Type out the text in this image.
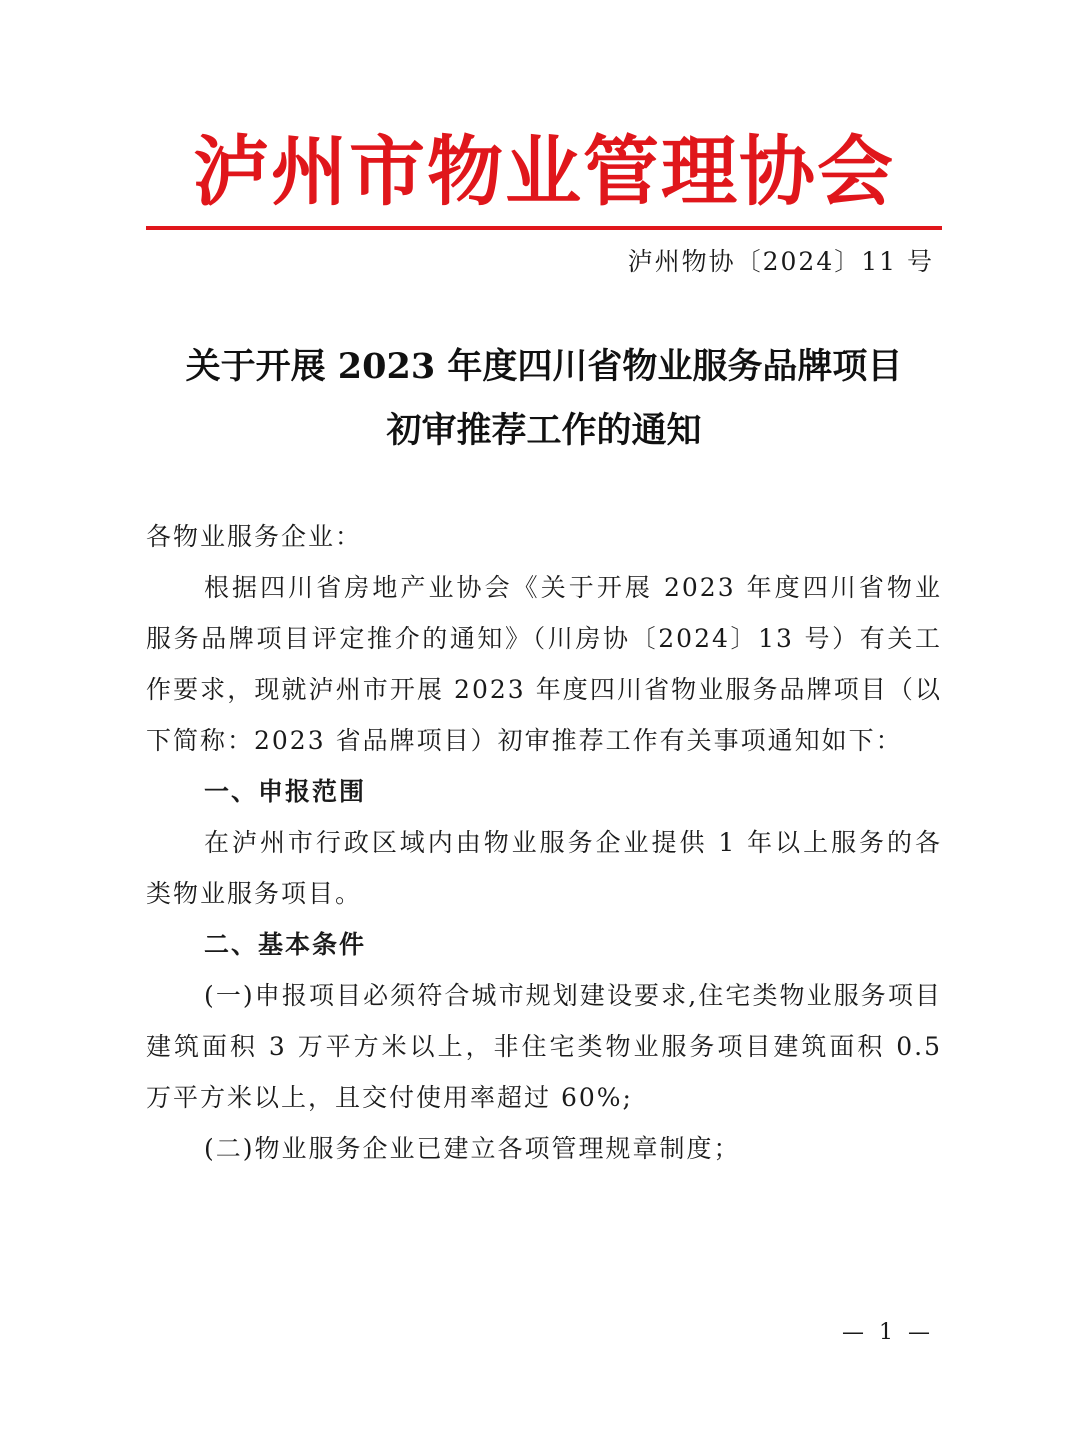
泸州市物业管理协会
泸州物协〔2024〕11 号
关于开展 2023 年度四川省物业服务品牌项目
初审推荐工作的通知

各物业服务企业：

根据四川省房地产业协会《关于开展 2023 年度四川省物业服务品牌项目评定推介的通知》（川房协〔2024〕13 号）有关工作要求，现就泸州市开展 2023 年度四川省物业服务品牌项目（以下简称：2023 省品牌项目）初审推荐工作有关事项通知如下：

一、申报范围

在泸州市行政区域内由物业服务企业提供 1 年以上服务的各类物业服务项目。

二、基本条件

(一)申报项目必须符合城市规划建设要求,住宅类物业服务项目建筑面积 3 万平方米以上，非住宅类物业服务项目建筑面积 0.5 万平方米以上，且交付使用率超过 60%;

(二)物业服务企业已建立各项管理规章制度；

— 1 —
